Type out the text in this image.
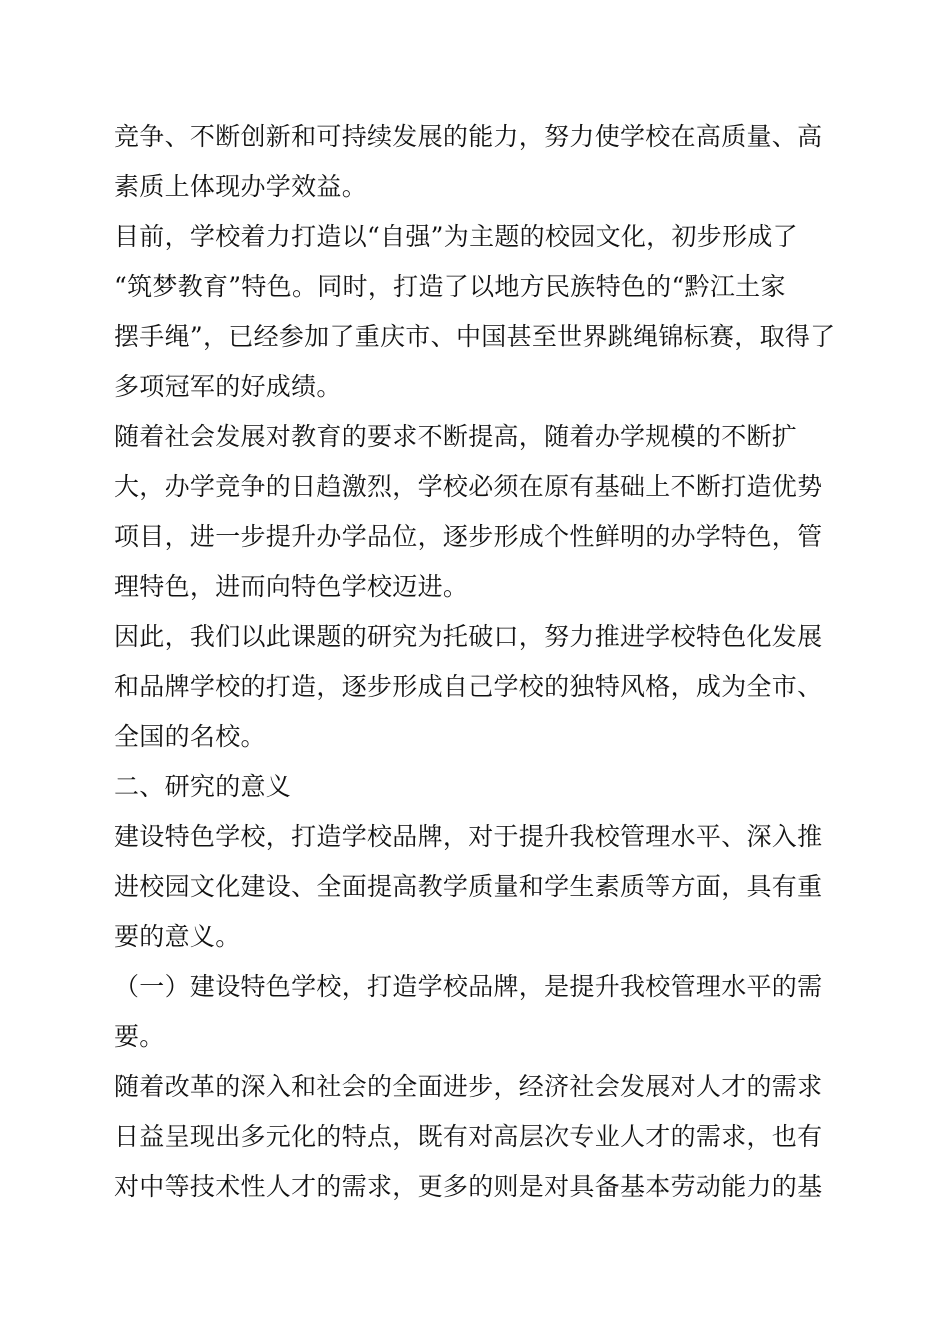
竞争、不断创新和可持续发展的能力，努力使学校在高质量、高
素质上体现办学效益。
目前，学校着力打造以“自强”为主题的校园文化，初步形成了
“筑梦教育”特色。同时，打造了以地方民族特色的“黔江土家
摆手绳”，已经参加了重庆市、中国甚至世界跳绳锦标赛，取得了
多项冠军的好成绩。
随着社会发展对教育的要求不断提高，随着办学规模的不断扩
大，办学竞争的日趋激烈，学校必须在原有基础上不断打造优势
项目，进一步提升办学品位，逐步形成个性鲜明的办学特色，管
理特色，进而向特色学校迈进。
因此，我们以此课题的研究为托破口，努力推进学校特色化发展
和品牌学校的打造，逐步形成自己学校的独特风格，成为全市、
全国的名校。
二、研究的意义
建设特色学校，打造学校品牌，对于提升我校管理水平、深入推
进校园文化建设、全面提高教学质量和学生素质等方面，具有重
要的意义。
（一）建设特色学校，打造学校品牌，是提升我校管理水平的需
要。
随着改革的深入和社会的全面进步，经济社会发展对人才的需求
日益呈现出多元化的特点，既有对高层次专业人才的需求，也有
对中等技术性人才的需求，更多的则是对具备基本劳动能力的基
